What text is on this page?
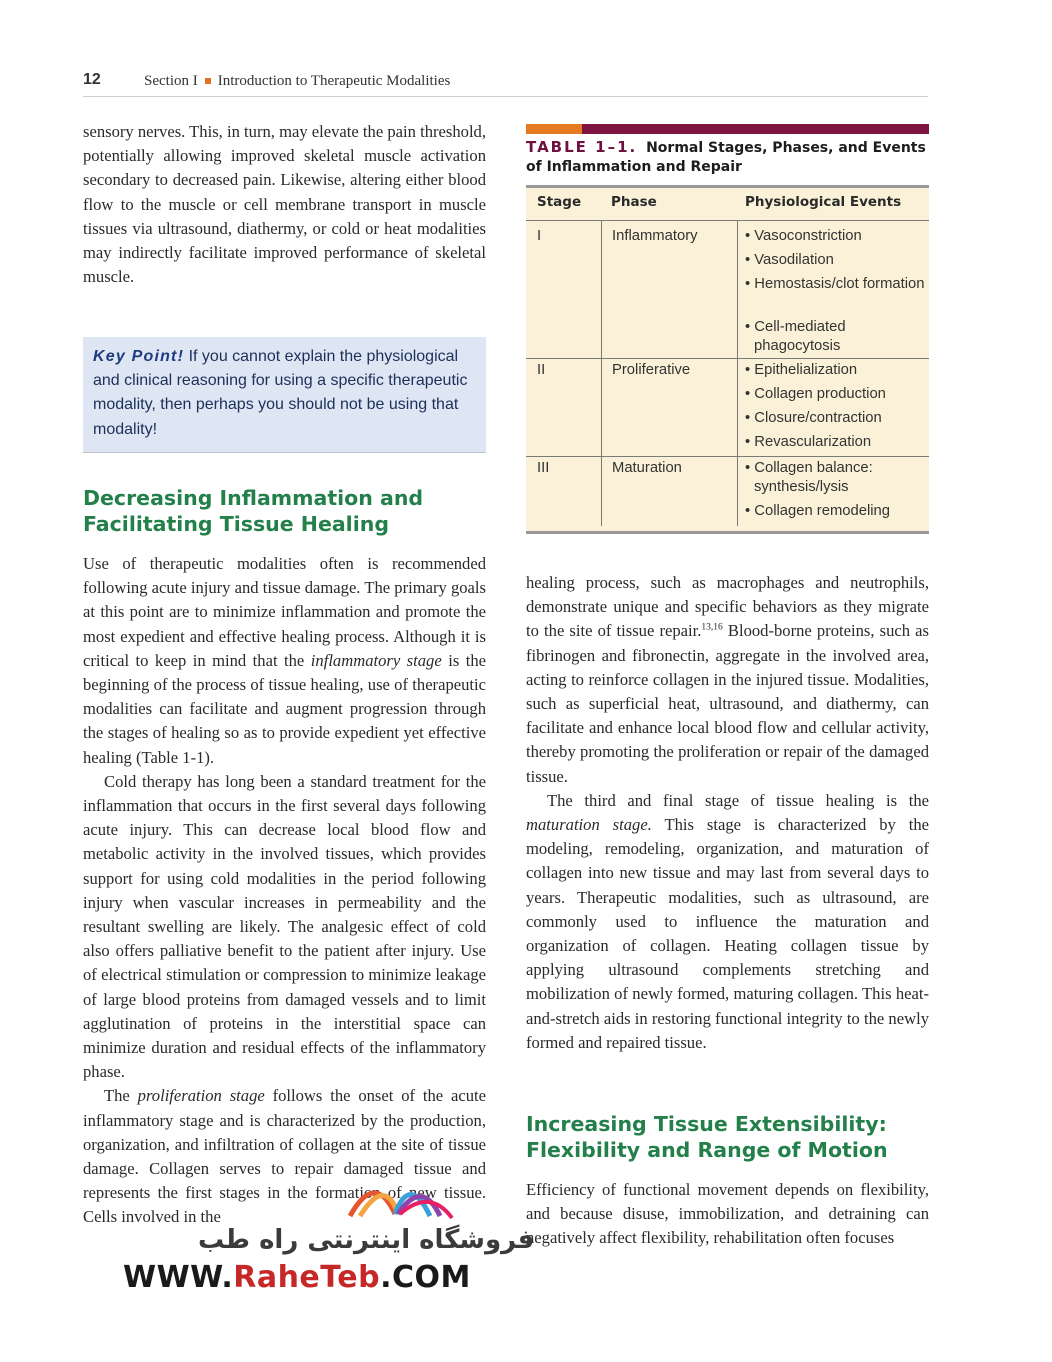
12	Section I Introduction to Therapeutic Modalities

sensory nerves. This, in turn, may elevate the pain threshold, potentially allowing improved skeletal muscle activation secondary to decreased pain. Likewise, altering either blood flow to the muscle or cell membrane transport in muscle tissues via ultrasound, diathermy, or cold or heat modalities may indirectly facilitate improved performance of skeletal muscle.

Key Point! If you cannot explain the physiological and clinical reasoning for using a specific therapeutic modality, then perhaps you should not be using that modality!
Decreasing Inflammation and Facilitating Tissue Healing

Use of therapeutic modalities often is recommended following acute injury and tissue damage. The primary goals at this point are to minimize inflammation and promote the most expedient and effective healing process. Although it is critical to keep in mind that the inflammatory stage is the beginning of the process of tissue healing, use of therapeutic modalities can facilitate and augment progression through the stages of healing so as to provide expedient yet effective healing (Table 1-1).

Cold therapy has long been a standard treatment for the inflammation that occurs in the first several days following acute injury. This can decrease local blood flow and metabolic activity in the involved tissues, which provides support for using cold modalities in the period following injury when vascular increases in permeability and the resultant swelling are likely. The analgesic effect of cold also offers palliative benefit to the patient after injury. Use of electrical stimulation or compression to minimize leakage of large blood proteins from damaged vessels and to limit agglutination of proteins in the interstitial space can minimize duration and residual effects of the inflammatory phase.

The proliferation stage follows the onset of the acute inflammatory stage and is characterized by the production, organization, and infiltration of collagen at the site of tissue damage. Collagen serves to repair damaged tissue and represents the first stages in the formation of new tissue. Cells involved in the

TABLE 1–1. Normal Stages, Phases, and Events of Inflammation and Repair
Stage Phase	Physiological Events
I	Inflammatory	• Vasoconstriction
• Vasodilation
• Hemostasis/clot formation
• Cell-mediated phagocytosis
II	Proliferative	• Epithelialization
• Collagen production
• Closure/contraction
• Revascularization
III	Maturation	• Collagen balance: synthesis/lysis
• Collagen remodeling

healing process, such as macrophages and neutrophils, demonstrate unique and specific behaviors as they migrate to the site of tissue repair.$^{13,16}$ Blood-borne proteins, such as fibrinogen and fibronectin, aggregate in the involved area, acting to reinforce collagen in the injured tissue. Modalities, such as superficial heat, ultrasound, and diathermy, can facilitate and enhance local blood flow and cellular activity, thereby promoting the proliferation or repair of the damaged tissue.

The third and final stage of tissue healing is the maturation stage. This stage is characterized by the modeling, remodeling, organization, and maturation of collagen into new tissue and may last from several days to years. Therapeutic modalities, such as ultrasound, are commonly used to influence the maturation and organization of collagen. Heating collagen tissue by applying ultrasound complements stretching and mobilization of newly formed, maturing collagen. This heat-and-stretch aids in restoring functional integrity to the newly formed and repaired tissue.

Increasing Tissue Extensibility: Flexibility and Range of Motion

Efficiency of functional movement depends on flexibility, and because disuse, immobilization, and detraining can negatively affect flexibility, rehabilitation often focuses

فروشگاه اینترنتی راه طب
WWW.RaheTeb.COM
